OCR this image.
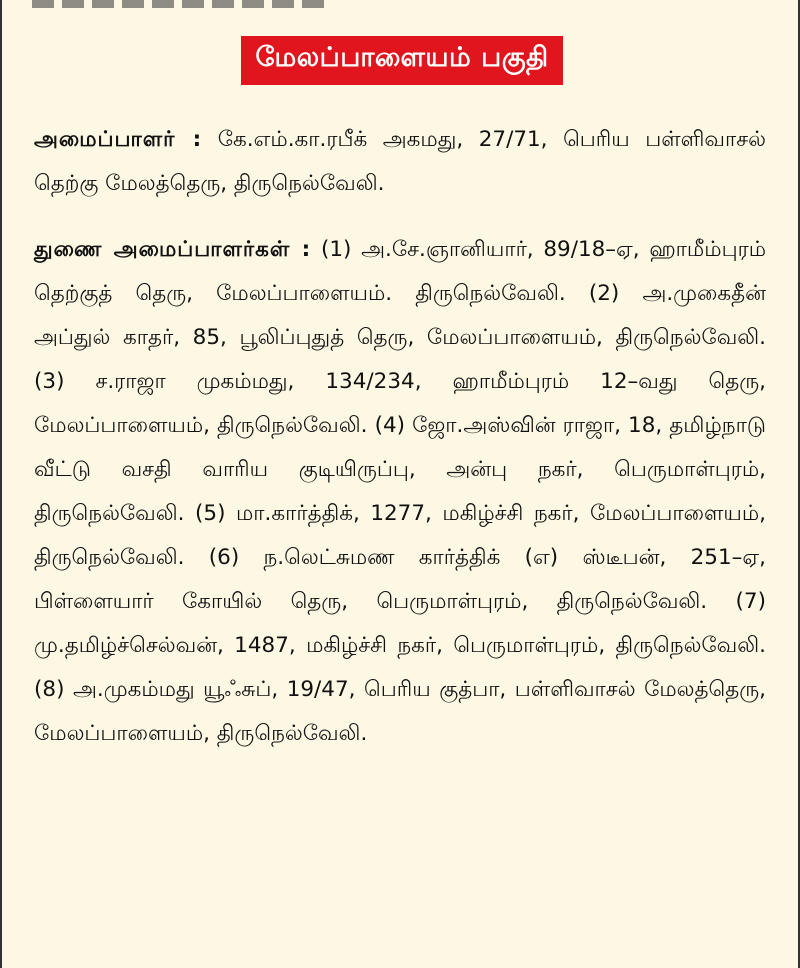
மேலப்பாளையம் பகுதி

அமைப்பாளர் : கே.எம்.கா.ரபீக் அகமது, 27/71, பெரிய பள்ளிவாசல் தெற்கு மேலத்தெரு, திருநெல்வேலி.

துணை அமைப்பாளர்கள் : (1) அ.சே.ஞானியார், 89/18–ஏ, ஹாமீம்புரம் தெற்குத் தெரு, மேலப்பாளையம். திருநெல்வேலி. (2) அ.முகைதீன் அப்துல் காதர், 85, பூலிப்புதுத் தெரு, மேலப்பாளையம், திருநெல்வேலி. (3) ச.ராஜா முகம்மது, 134/234, ஹாமீம்புரம் 12–வது தெரு, மேலப்பாளையம், திருநெல்வேலி. (4) ஜோ.அஸ்வின் ராஜா, 18, தமிழ்நாடு வீட்டு வசதி வாரிய குடியிருப்பு, அன்பு நகர், பெருமாள்புரம், திருநெல்வேலி. (5) மா.கார்த்திக், 1277, மகிழ்ச்சி நகர், மேலப்பாளையம், திருநெல்வேலி. (6) ந.லெட்சுமண கார்த்திக் (எ) ஸ்டீபன், 251–ஏ, பிள்ளையார் கோயில் தெரு, பெருமாள்புரம், திருநெல்வேலி. (7) மு.தமிழ்ச்செல்வன், 1487, மகிழ்ச்சி நகர், பெருமாள்புரம், திருநெல்வேலி. (8) அ.முகம்மது யூஃசுப், 19/47, பெரிய குத்பா, பள்ளிவாசல் மேலத்தெரு, மேலப்பாளையம், திருநெல்வேலி.
